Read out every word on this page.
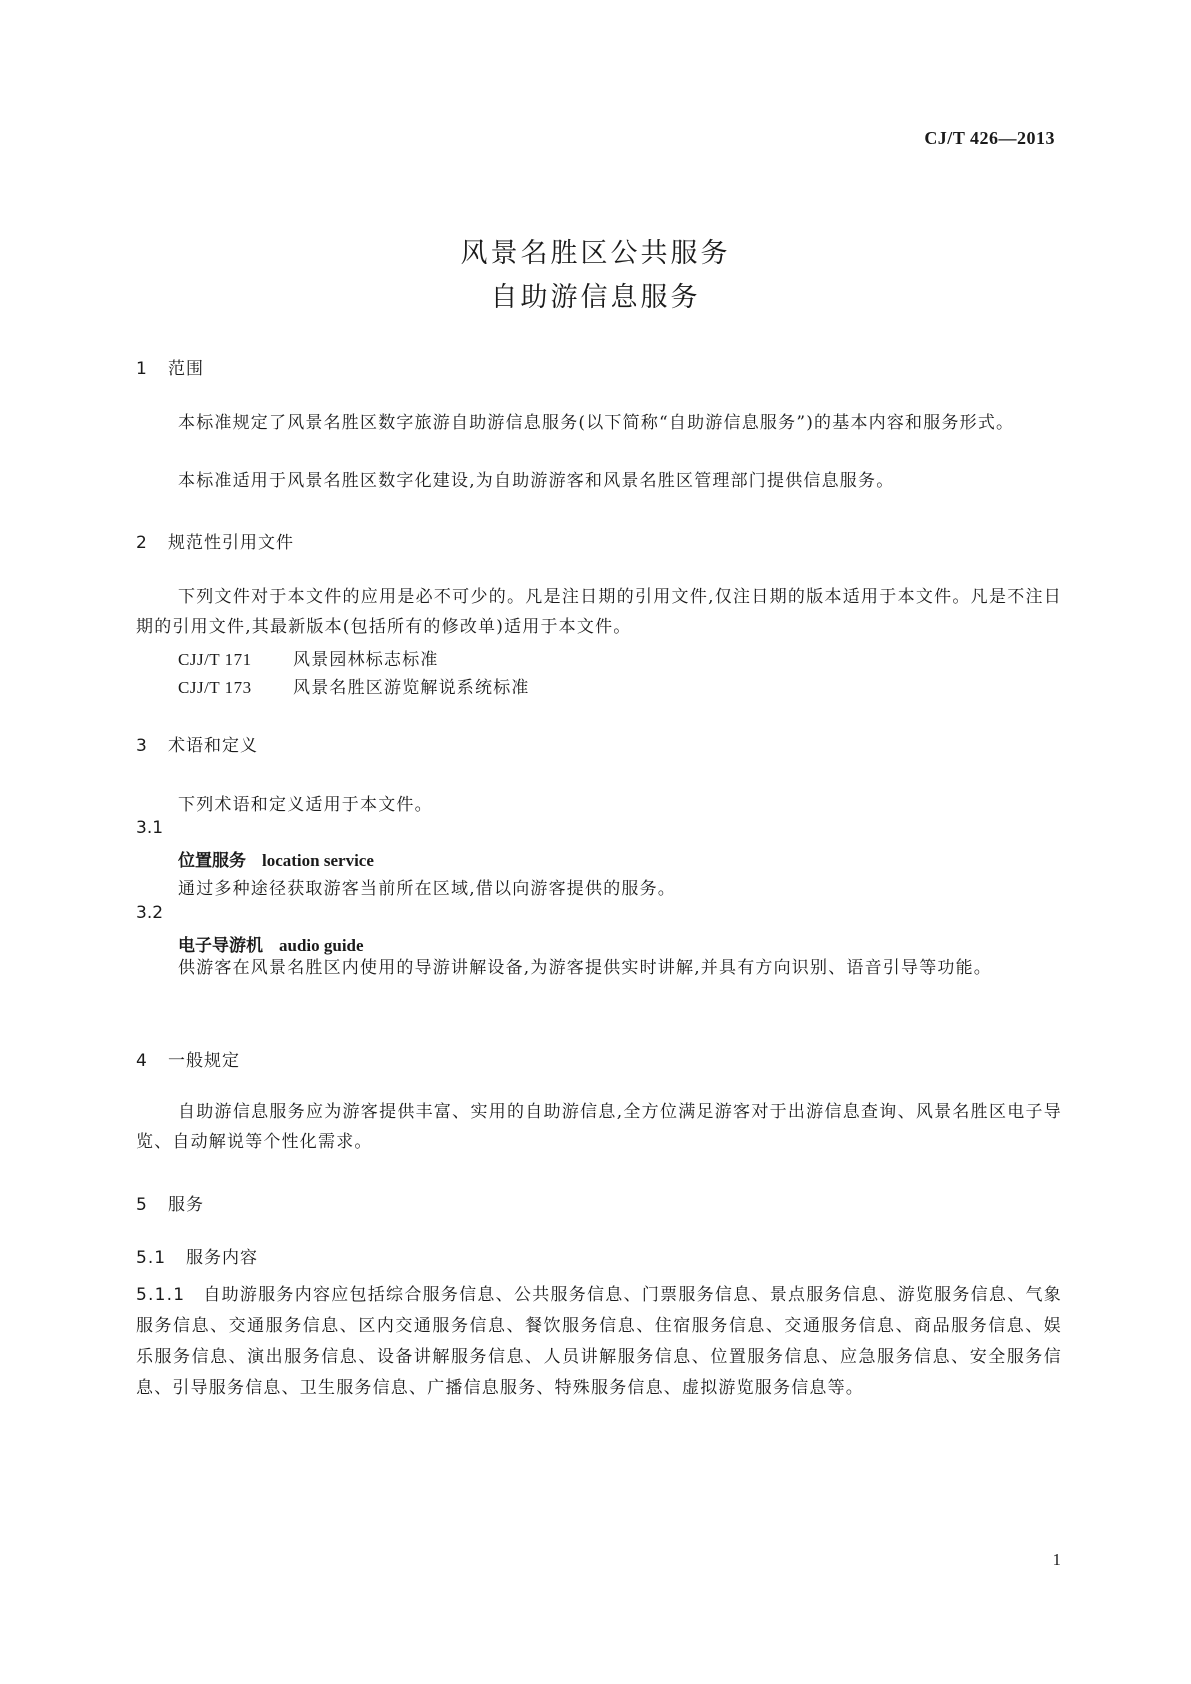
CJ/T 426—2013
风景名胜区公共服务
自助游信息服务
1 范围
本标准规定了风景名胜区数字旅游自助游信息服务(以下简称“自助游信息服务”)的基本内容和服务形式。
本标准适用于风景名胜区数字化建设,为自助游游客和风景名胜区管理部门提供信息服务。
2 规范性引用文件
下列文件对于本文件的应用是必不可少的。凡是注日期的引用文件,仅注日期的版本适用于本文件。凡是不注日期的引用文件,其最新版本(包括所有的修改单)适用于本文件。
CJJ/T 171 风景园林标志标准
CJJ/T 173 风景名胜区游览解说系统标准
3 术语和定义
下列术语和定义适用于本文件。
3.1
位置服务 location service
通过多种途径获取游客当前所在区域,借以向游客提供的服务。
3.2
电子导游机 audio guide
供游客在风景名胜区内使用的导游讲解设备,为游客提供实时讲解,并具有方向识别、语音引导等功能。
4 一般规定
自助游信息服务应为游客提供丰富、实用的自助游信息,全方位满足游客对于出游信息查询、风景名胜区电子导览、自动解说等个性化需求。
5 服务
5.1 服务内容
5.1.1 自助游服务内容应包括综合服务信息、公共服务信息、门票服务信息、景点服务信息、游览服务信息、气象服务信息、交通服务信息、区内交通服务信息、餐饮服务信息、住宿服务信息、交通服务信息、商品服务信息、娱乐服务信息、演出服务信息、设备讲解服务信息、人员讲解服务信息、位置服务信息、应急服务信息、安全服务信息、引导服务信息、卫生服务信息、广播信息服务、特殊服务信息、虚拟游览服务信息等。
1
